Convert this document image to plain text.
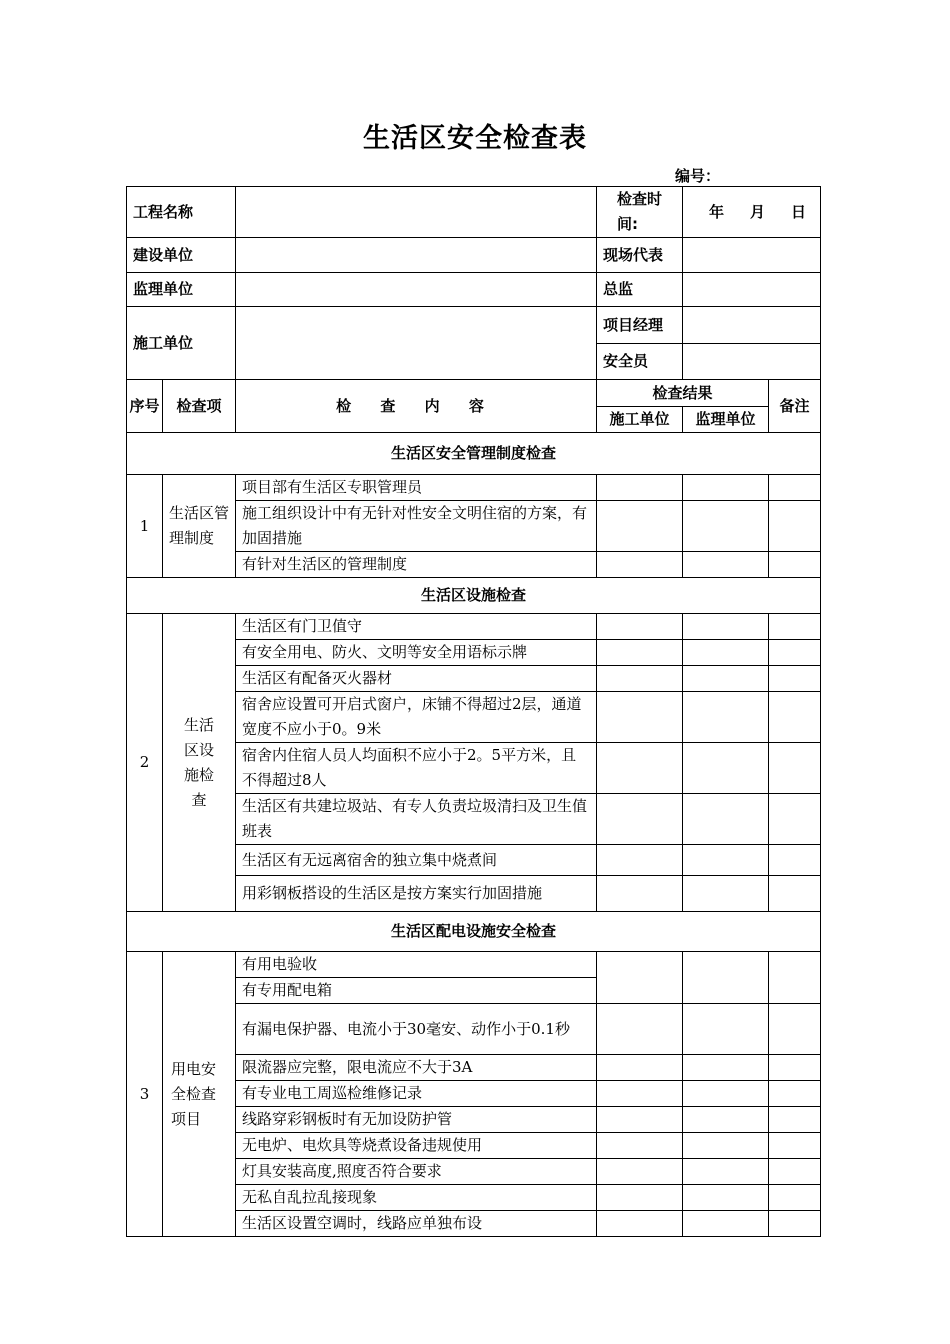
生活区安全检查表
编号：
工程名称			检查时间:	年 月 日	

建设单位			现场代表		
监理单位			总监		
施工单位			项目经理		
			安全员		
序号	检查项	检 查 内 容	检查结果		备注
			施工单位	监理单位	
生活区安全管理制度检查					
1	生活区管理制度	项目部有生活区专职管理员			
		施工组织设计中有无针对性安全文明住宿的方案，有加固措施			
		有针对生活区的管理制度			
生活区设施检查					
2	生活区设施检查	生活区有门卫值守			
		有安全用电、防火、文明等安全用语标示牌			
		生活区有配备灭火器材			
		宿舍应设置可开启式窗户，床铺不得超过2层，通道宽度不应小于0。9米			
		宿舍内住宿人员人均面积不应小于2。5平方米，且不得超过8人			
		生活区有共建垃圾站、有专人负责垃圾清扫及卫生值班表			
		生活区有无远离宿舍的独立集中烧煮间			
		用彩钢板搭设的生活区是按方案实行加固措施			
生活区配电设施安全检查					
3	用电安全检查项目	有用电验收			
		有专用配电箱			
		有漏电保护器、电流小于30毫安、动作小于0.1秒			
		限流器应完整，限电流应不大于3A			
		有专业电工周巡检维修记录			
		线路穿彩钢板时有无加设防护管			
		无电炉、电炊具等烧煮设备违规使用			
		灯具安装高度,照度否符合要求			
		无私自乱拉乱接现象			
		生活区设置空调时，线路应单独布设			
